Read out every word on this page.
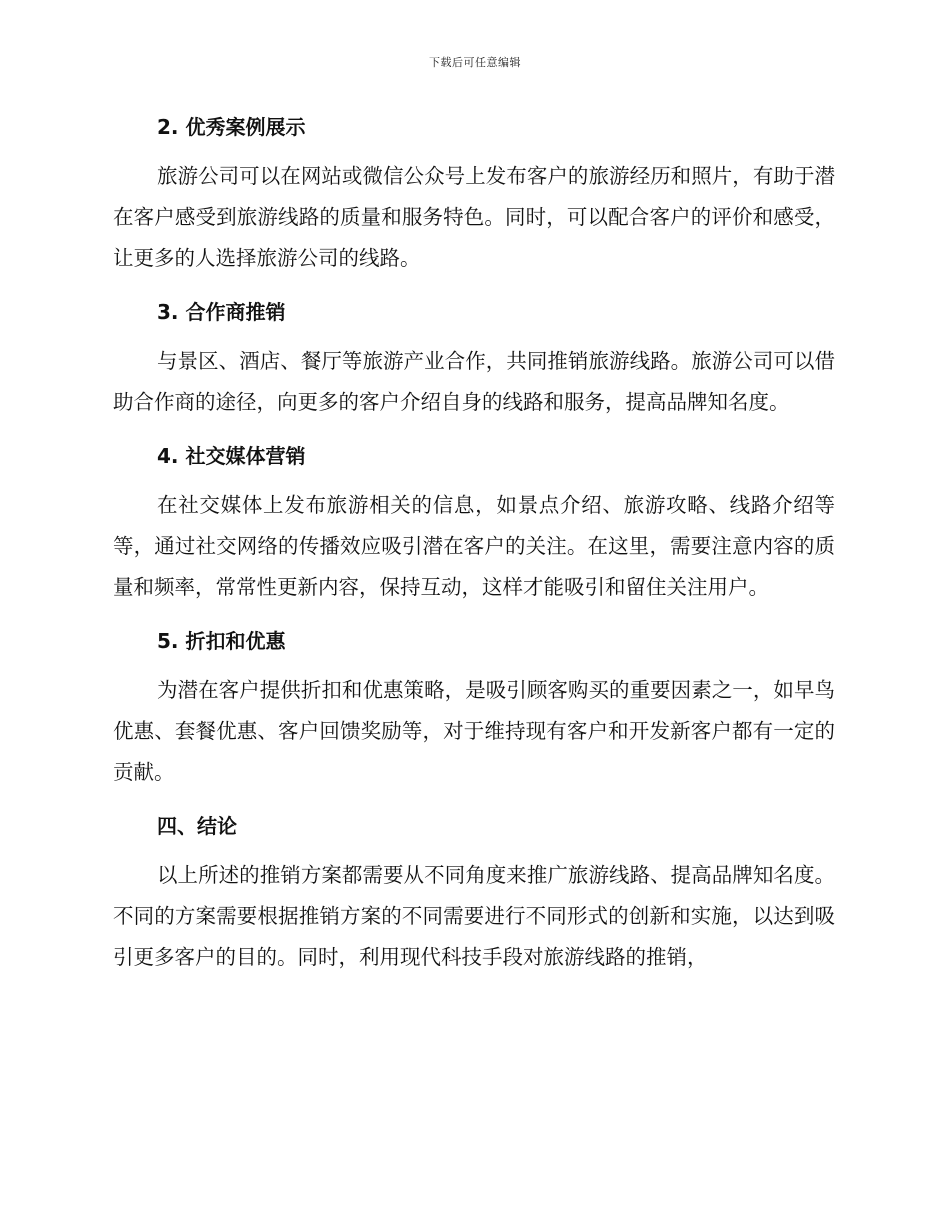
下载后可任意编辑
2. 优秀案例展示

旅游公司可以在网站或微信公众号上发布客户的旅游经历和照片，有助于潜在客户感受到旅游线路的质量和服务特色。同时，可以配合客户的评价和感受，让更多的人选择旅游公司的线路。

3. 合作商推销

与景区、酒店、餐厅等旅游产业合作，共同推销旅游线路。旅游公司可以借助合作商的途径，向更多的客户介绍自身的线路和服务，提高品牌知名度。

4. 社交媒体营销

在社交媒体上发布旅游相关的信息，如景点介绍、旅游攻略、线路介绍等等，通过社交网络的传播效应吸引潜在客户的关注。在这里，需要注意内容的质量和频率，常常性更新内容，保持互动，这样才能吸引和留住关注用户。

5. 折扣和优惠

为潜在客户提供折扣和优惠策略，是吸引顾客购买的重要因素之一，如早鸟优惠、套餐优惠、客户回馈奖励等，对于维持现有客户和开发新客户都有一定的贡献。

四、结论

以上所述的推销方案都需要从不同角度来推广旅游线路、提高品牌知名度。不同的方案需要根据推销方案的不同需要进行不同形式的创新和实施，以达到吸引更多客户的目的。同时，利用现代科技手段对旅游线路的推销，
